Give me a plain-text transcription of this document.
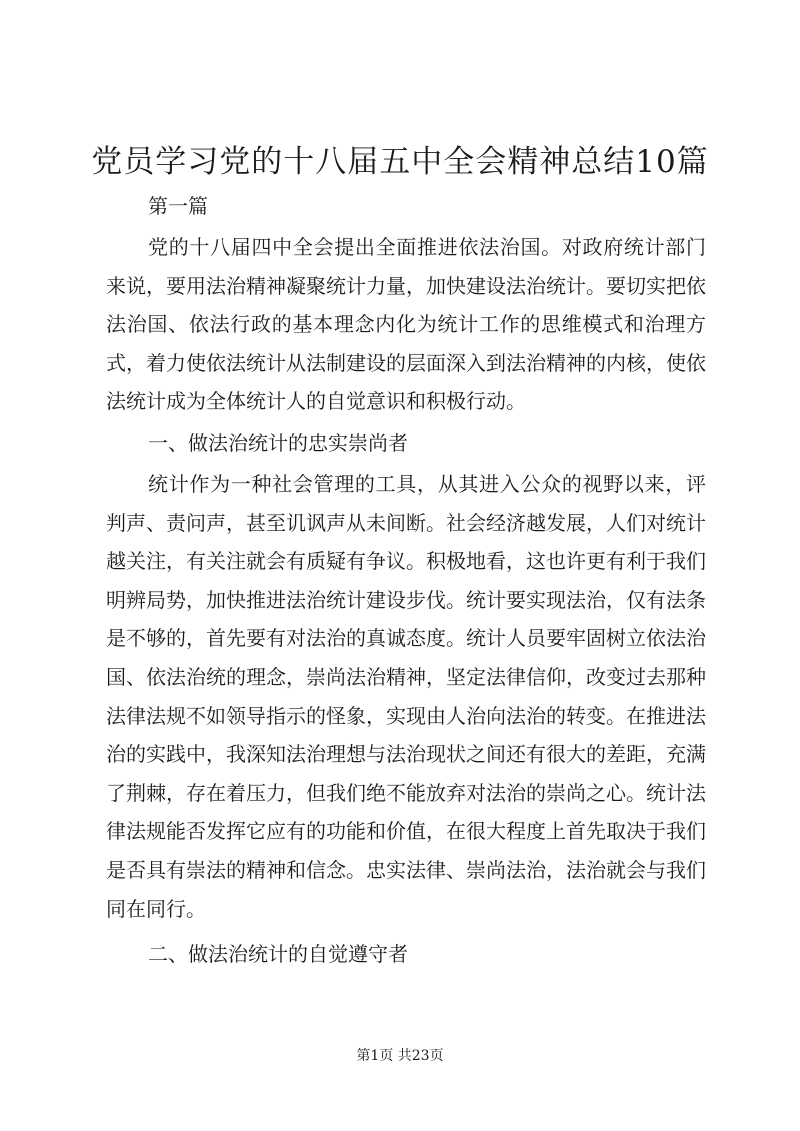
党员学习党的十八届五中全会精神总结10篇

第一篇

党的十八届四中全会提出全面推进依法治国。对政府统计部门来说，要用法治精神凝聚统计力量，加快建设法治统计。要切实把依法治国、依法行政的基本理念内化为统计工作的思维模式和治理方式，着力使依法统计从法制建设的层面深入到法治精神的内核，使依法统计成为全体统计人的自觉意识和积极行动。

一、做法治统计的忠实崇尚者

统计作为一种社会管理的工具，从其进入公众的视野以来，评判声、责问声，甚至讥讽声从未间断。社会经济越发展，人们对统计越关注，有关注就会有质疑有争议。积极地看，这也许更有利于我们明辨局势，加快推进法治统计建设步伐。统计要实现法治，仅有法条是不够的，首先要有对法治的真诚态度。统计人员要牢固树立依法治国、依法治统的理念，崇尚法治精神，坚定法律信仰，改变过去那种法律法规不如领导指示的怪象，实现由人治向法治的转变。在推进法治的实践中，我深知法治理想与法治现状之间还有很大的差距，充满了荆棘，存在着压力，但我们绝不能放弃对法治的崇尚之心。统计法律法规能否发挥它应有的功能和价值，在很大程度上首先取决于我们是否具有崇法的精神和信念。忠实法律、崇尚法治，法治就会与我们同在同行。

二、做法治统计的自觉遵守者

第1页 共23页
